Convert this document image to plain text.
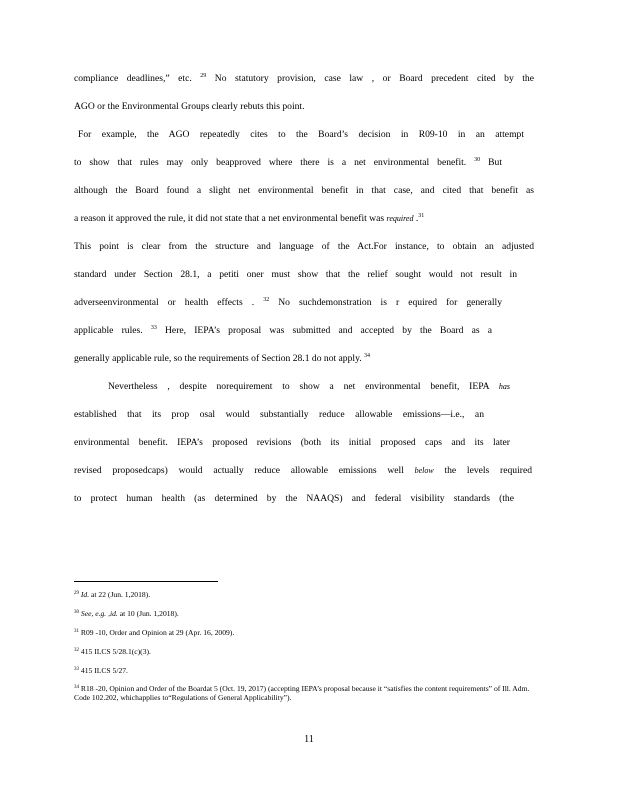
compliance deadlines,” etc. $^{29}$ No statutory provision, case law , or Board precedent cited by the
AGO or the Environmental Groups clearly rebuts this point.
For example, the AGO repeatedly cites to the Board’s decision in R09-10 in an attempt
to show that rules may only beapproved where there is a net environmental benefit. $^{30}$ But
although the Board found a slight net environmental benefit in that case, and cited that benefit as
a reason it approved the rule, it did not state that a net environmental benefit was required .$^{31}$
This point is clear from the structure and language of the Act.For instance, to obtain an adjusted
standard under Section 28.1, a petiti oner must show that the relief sought would not result in
adverseenvironmental or health effects . $^{32}$ No suchdemonstration is r equired for generally
applicable rules. $^{33}$ Here, IEPA’s proposal was submitted and accepted by the Board as a
generally applicable rule, so the requirements of Section 28.1 do not apply. $^{34}$
Nevertheless , despite norequirement to show a net environmental benefit, IEPA has
established that its prop osal would substantially reduce allowable emissions—i.e., an
environmental benefit. IEPA’s proposed revisions (both its initial proposed caps and its later
revised proposedcaps) would actually reduce allowable emissions well below the levels required
to protect human health (as determined by the NAAQS) and federal visibility standards (the
$^{29}$ Id. at 22 (Jun. 1,2018).
$^{30}$ See, e.g. ,id. at 10 (Jun. 1,2018).
$^{31}$ R09 -10, Order and Opinion at 29 (Apr. 16, 2009).
$^{32}$ 415 ILCS 5/28.1(c)(3).
$^{33}$ 415 ILCS 5/27.
$^{34}$ R18 -20, Opinion and Order of the Boardat 5 (Oct. 19, 2017) (accepting IEPA’s proposal because it “satisfies the content requirements” of Ill. Adm. Code 102.202, whichapplies to“Regulations of General Applicability”).
11
